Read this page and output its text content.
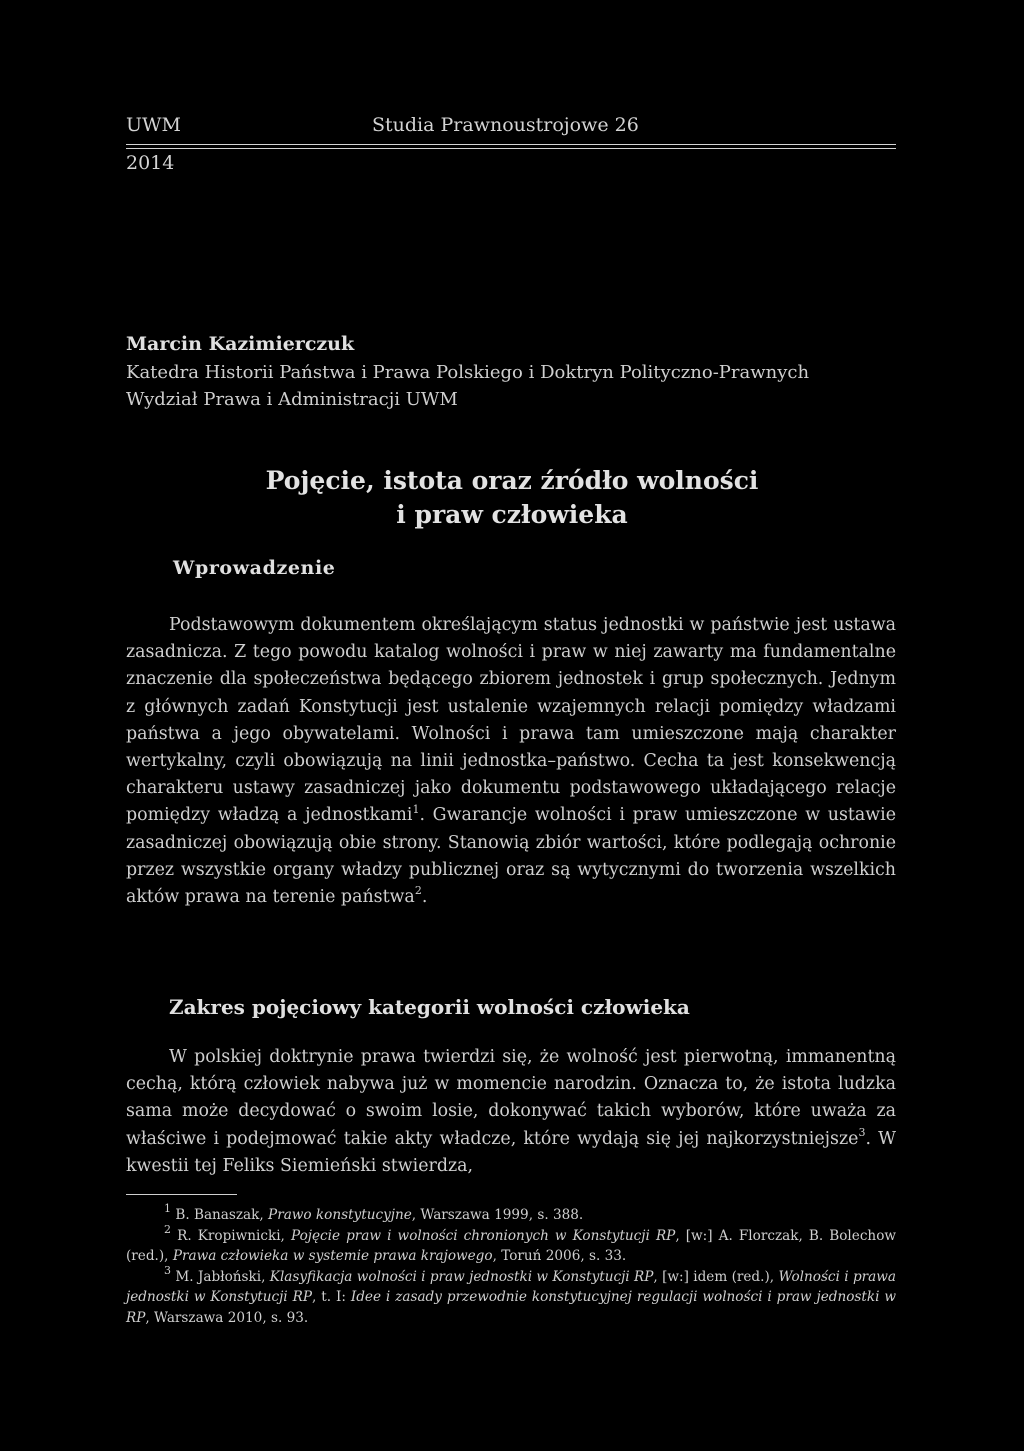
UWM	Studia Prawnoustrojowe 26
2014
Marcin Kazimierczuk
Katedra Historii Państwa i Prawa Polskiego i Doktryn Polityczno-Prawnych
Wydział Prawa i Administracji UWM
Pojęcie, istota oraz źródło wolności
i praw człowieka
Wprowadzenie

Podstawowym dokumentem określającym status jednostki w państwie jest ustawa zasadnicza. Z tego powodu katalog wolności i praw w niej zawarty ma fundamentalne znaczenie dla społeczeństwa będącego zbiorem jednostek i grup społecznych. Jednym z głównych zadań Konstytucji jest ustalenie wzajemnych relacji pomiędzy władzami państwa a jego obywatelami. Wolności i prawa tam umieszczone mają charakter wertykalny, czyli obowiązują na linii jednostka–państwo. Cecha ta jest konsekwencją charakteru ustawy zasadniczej jako dokumentu podstawowego układającego relacje pomiędzy władzą a jednostkami$^1$. Gwarancje wolności i praw umieszczone w ustawie zasadniczej obowiązują obie strony. Stanowią zbiór wartości, które podlegają ochronie przez wszystkie organy władzy publicznej oraz są wytycznymi do tworzenia wszelkich aktów prawa na terenie państwa$^2$.

Zakres pojęciowy kategorii wolności człowieka

W polskiej doktrynie prawa twierdzi się, że wolność jest pierwotną, immanentną cechą, którą człowiek nabywa już w momencie narodzin. Oznacza to, że istota ludzka sama może decydować o swoim losie, dokonywać takich wyborów, które uważa za właściwe i podejmować takie akty władcze, które wydają się jej najkorzystniejsze$^3$. W kwestii tej Feliks Siemieński stwierdza,

$^1$ B. Banaszak, Prawo konstytucyjne, Warszawa 1999, s. 388.

$^2$ R. Kropiwnicki, Pojęcie praw i wolności chronionych w Konstytucji RP, [w:] A. Florczak, B. Bolechow (red.), Prawa człowieka w systemie prawa krajowego, Toruń 2006, s. 33.

$^3$ M. Jabłoński, Klasyfikacja wolności i praw jednostki w Konstytucji RP, [w:] idem (red.), Wolności i prawa jednostki w Konstytucji RP, t. I: Idee i zasady przewodnie konstytucyjnej regulacji wolności i praw jednostki w RP, Warszawa 2010, s. 93.
